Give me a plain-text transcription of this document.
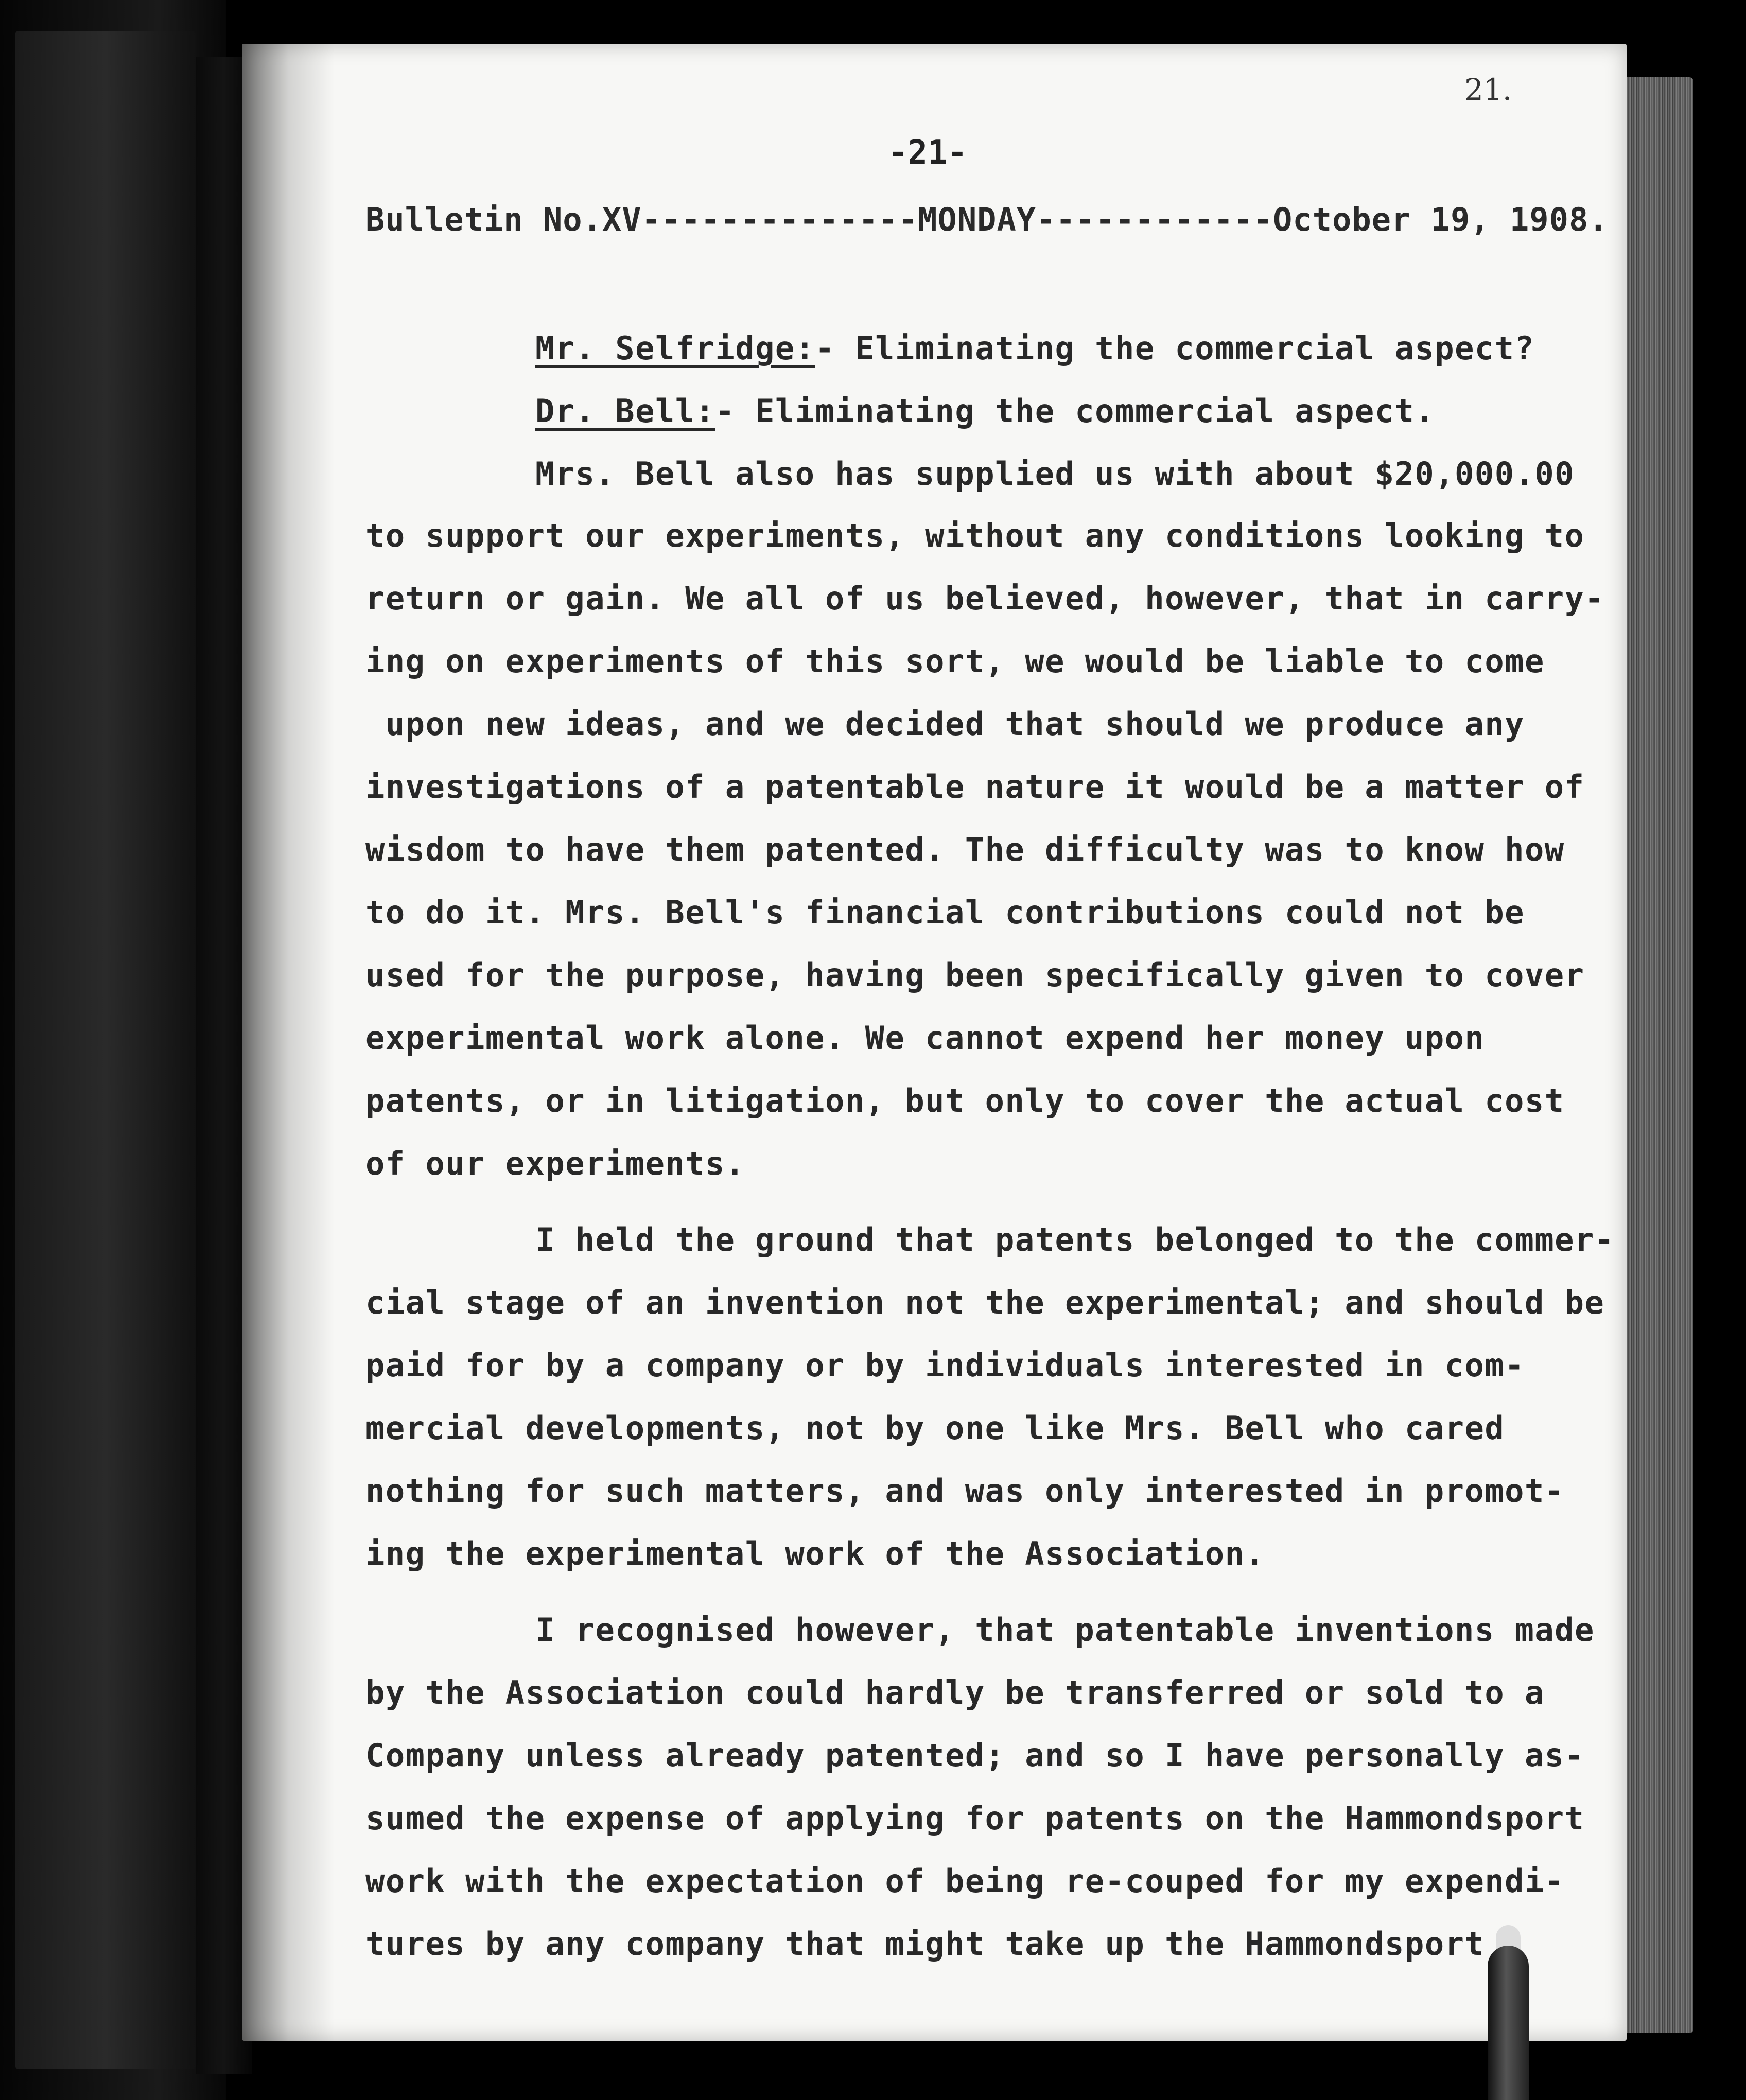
21.
-21-
Bulletin No.XV--------------MONDAY------------October 19, 1908.
Mr. Selfridge:- Eliminating the commercial aspect?
Dr. Bell:- Eliminating the commercial aspect.
Mrs. Bell also has supplied us with about $20,000.00
to support our experiments, without any conditions looking to
return or gain. We all of us believed, however, that in carry-
ing on experiments of this sort, we would be liable to come
upon new ideas, and we decided that should we produce any
investigations of a patentable nature it would be a matter of
wisdom to have them patented. The difficulty was to know how
to do it. Mrs. Bell's financial contributions could not be
used for the purpose, having been specifically given to cover
experimental work alone. We cannot expend her money upon
patents, or in litigation, but only to cover the actual cost
of our experiments.
I held the ground that patents belonged to the commer-
cial stage of an invention not the experimental; and should be
paid for by a company or by individuals interested in com-
mercial developments, not by one like Mrs. Bell who cared
nothing for such matters, and was only interested in promot-
ing the experimental work of the Association.
I recognised however, that patentable inventions made
by the Association could hardly be transferred or sold to a
Company unless already patented; and so I have personally as-
sumed the expense of applying for patents on the Hammondsport
work with the expectation of being re-couped for my expendi-
tures by any company that might take up the Hammondsport
